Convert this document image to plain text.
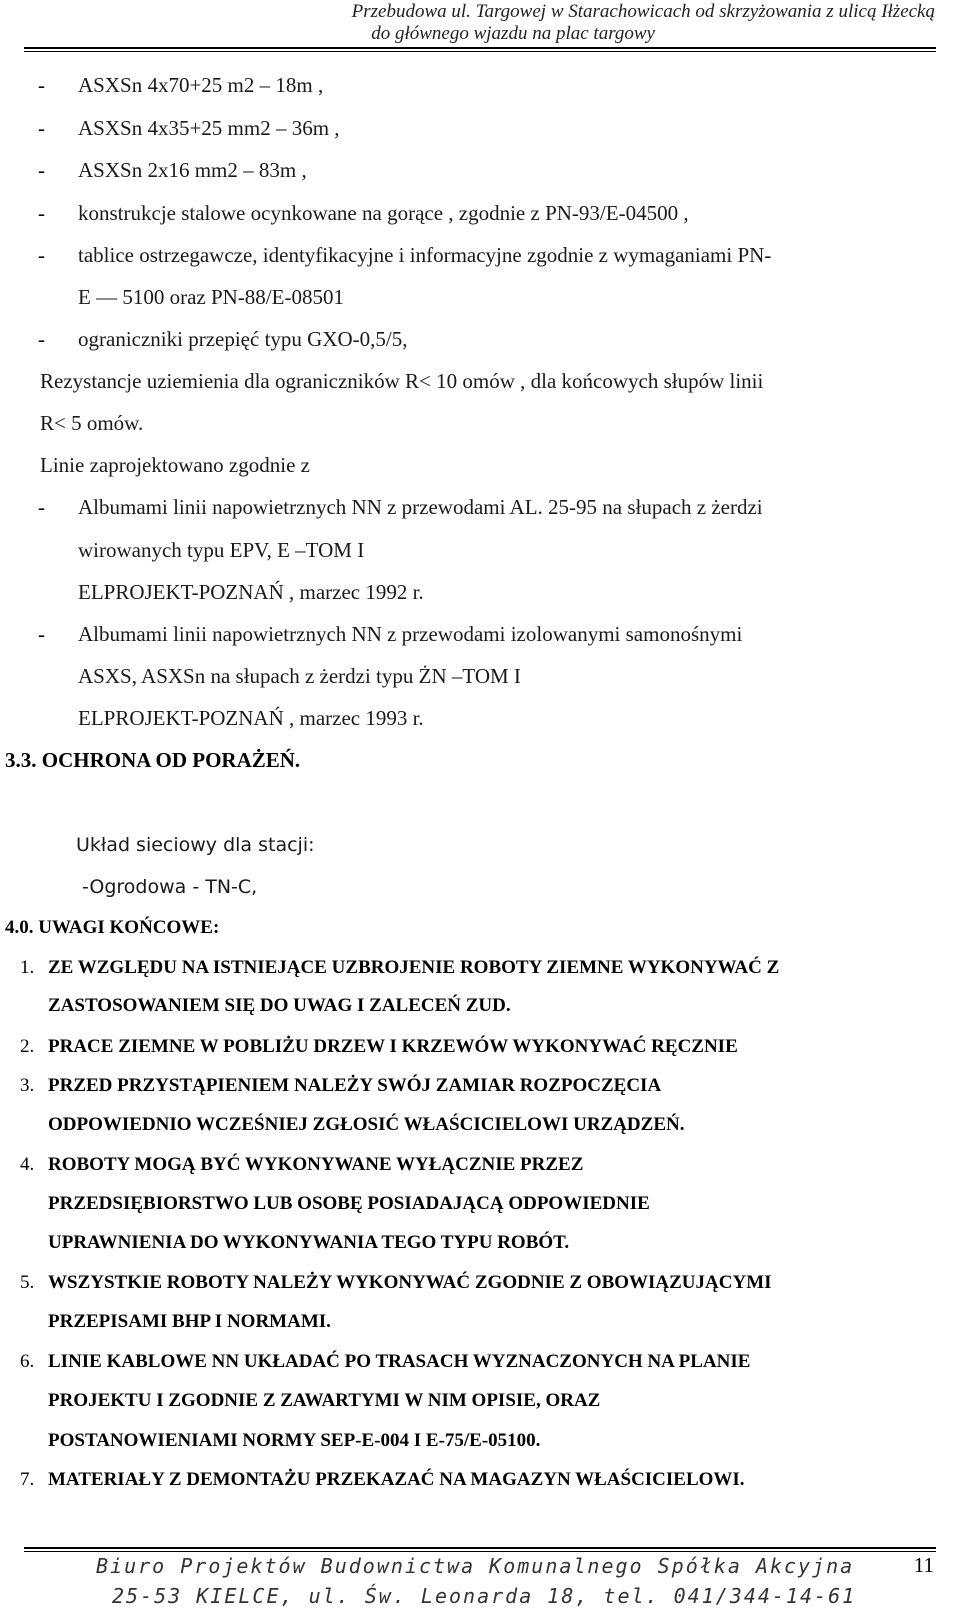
Przebudowa ul. Targowej w Starachowicach od skrzyżowania z ulicą Iłżecką
do głównego wjazdu na plac targowy
- ASXSn 4x70+25 m2 – 18m ,
- ASXSn 4x35+25 mm2 – 36m ,
- ASXSn 2x16 mm2 – 83m ,
- konstrukcje stalowe ocynkowane na gorące , zgodnie z PN-93/E-04500 ,
- tablice ostrzegawcze, identyfikacyjne i informacyjne zgodnie z wymaganiami PN-
E — 5100 oraz PN-88/E-08501
- ograniczniki przepięć typu GXO-0,5/5,
Rezystancje uziemienia dla ograniczników R< 10 omów , dla końcowych słupów linii
R< 5 omów.
Linie zaprojektowano zgodnie z
- Albumami linii napowietrznych NN z przewodami AL. 25-95 na słupach z żerdzi
wirowanych typu EPV, E –TOM I
ELPROJEKT-POZNAŃ , marzec 1992 r.
- Albumami linii napowietrznych NN z przewodami izolowanymi samonośnymi
ASXS, ASXSn na słupach z żerdzi typu ŻN –TOM I
ELPROJEKT-POZNAŃ , marzec 1993 r.
3.3. OCHRONA OD PORAŻEŃ.
Układ sieciowy dla stacji:
-Ogrodowa - TN-C,
4.0. UWAGI KOŃCOWE:
1. ZE WZGLĘDU NA ISTNIEJĄCE UZBROJENIE ROBOTY ZIEMNE WYKONYWAĆ Z
ZASTOSOWANIEM SIĘ DO UWAG I ZALECEŃ ZUD.
2. PRACE ZIEMNE W POBLIŻU DRZEW I KRZEWÓW WYKONYWAĆ RĘCZNIE
3. PRZED PRZYSTĄPIENIEM NALEŻY SWÓJ ZAMIAR ROZPOCZĘCIA
ODPOWIEDNIO WCZEŚNIEJ ZGŁOSIĆ WŁAŚCICIELOWI URZĄDZEŃ.
4. ROBOTY MOGĄ BYĆ WYKONYWANE WYŁĄCZNIE PRZEZ
PRZEDSIĘBIORSTWO LUB OSOBĘ POSIADAJĄCĄ ODPOWIEDNIE
UPRAWNIENIA DO WYKONYWANIA TEGO TYPU ROBÓT.
5. WSZYSTKIE ROBOTY NALEŻY WYKONYWAĆ ZGODNIE Z OBOWIĄZUJĄCYMI
PRZEPISAMI BHP I NORMAMI.
6. LINIE KABLOWE NN UKŁADAĆ PO TRASACH WYZNACZONYCH NA PLANIE
PROJEKTU I ZGODNIE Z ZAWARTYMI W NIM OPISIE, ORAZ
POSTANOWIENIAMI NORMY SEP-E-004 I E-75/E-05100.
7. MATERIAŁY Z DEMONTAŻU PRZEKAZAĆ NA MAGAZYN WŁAŚCICIELOWI.
Biuro Projektów Budownictwa Komunalnego Spółka Akcyjna
25-53 KIELCE, ul. Św. Leonarda 18, tel. 041/344-14-61
11
